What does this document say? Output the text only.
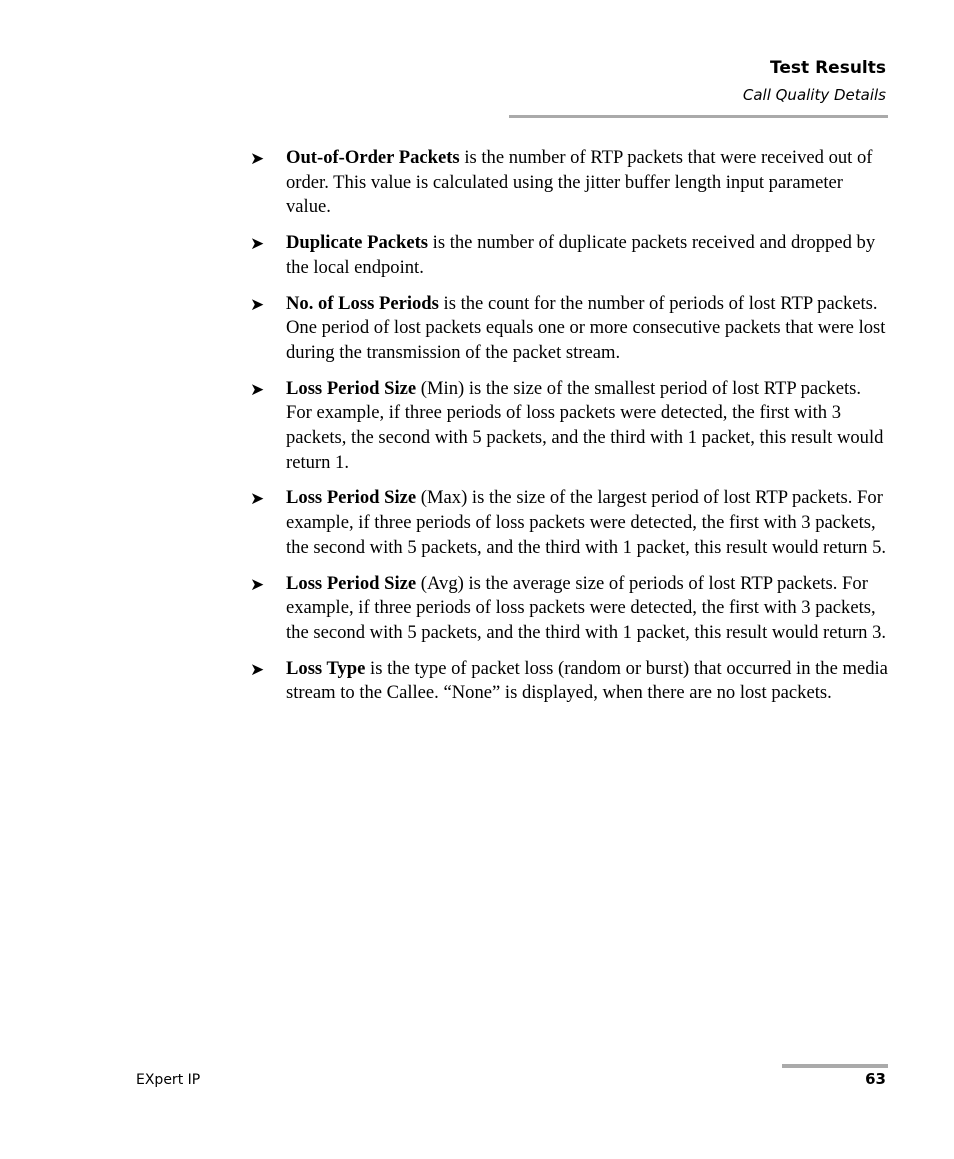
Test Results
Call Quality Details
➤	Out-of-Order Packets is the number of RTP packets that were received out of order. This value is calculated using the jitter buffer length input parameter value.
➤	Duplicate Packets is the number of duplicate packets received and dropped by the local endpoint.
➤	No. of Loss Periods is the count for the number of periods of lost RTP packets. One period of lost packets equals one or more consecutive packets that were lost during the transmission of the packet stream.
➤	Loss Period Size (Min) is the size of the smallest period of lost RTP packets. For example, if three periods of loss packets were detected, the first with 3 packets, the second with 5 packets, and the third with 1 packet, this result would return 1.
➤	Loss Period Size (Max) is the size of the largest period of lost RTP packets. For example, if three periods of loss packets were detected, the first with 3 packets, the second with 5 packets, and the third with 1 packet, this result would return 5.
➤	Loss Period Size (Avg) is the average size of periods of lost RTP packets. For example, if three periods of loss packets were detected, the first with 3 packets, the second with 5 packets, and the third with 1 packet, this result would return 3.
➤	Loss Type is the type of packet loss (random or burst) that occurred in the media stream to the Callee. “None” is displayed, when there are no lost packets.
EXpert IP	63
